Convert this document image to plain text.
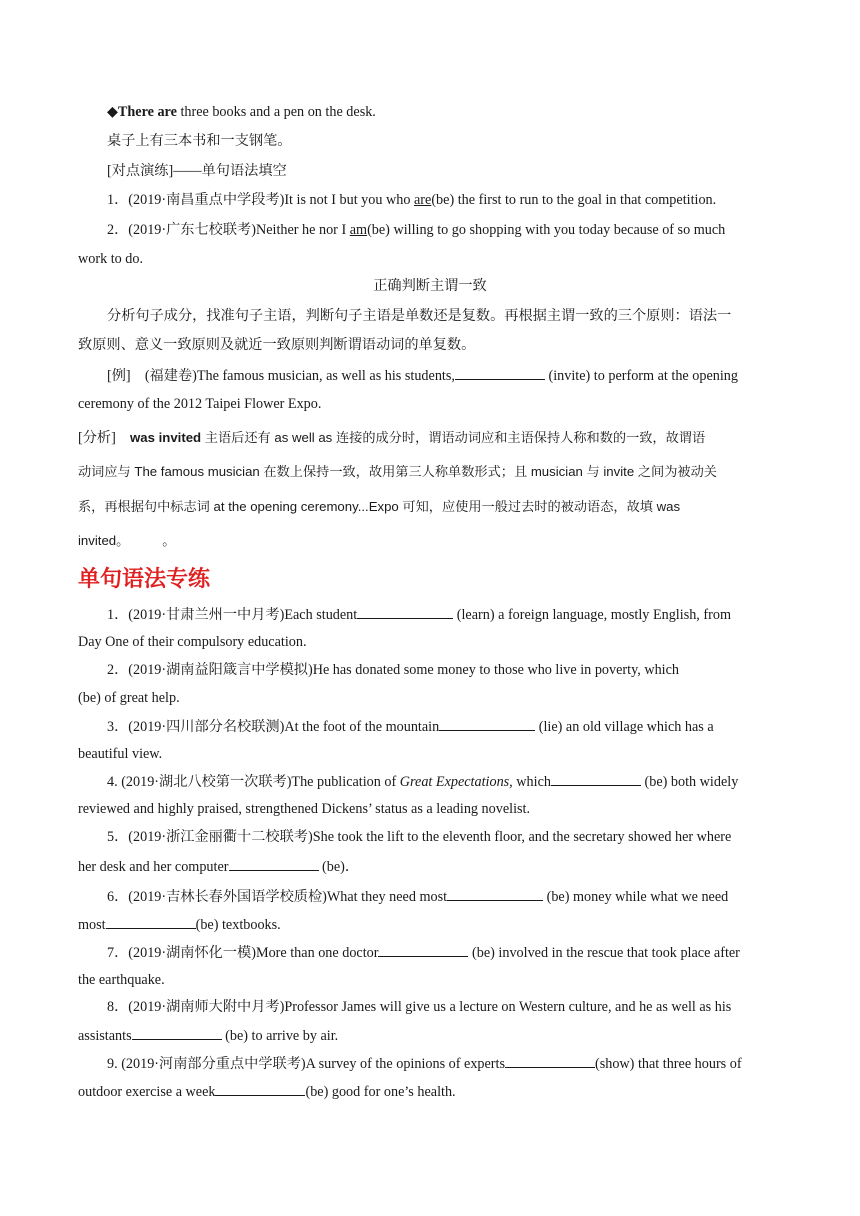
◆There are three books and a pen on the desk.
桌子上有三本书和一支钢笔。
[对点演练]——单句语法填空
1．(2019·南昌重点中学段考)It is not I but you who are(be) the first to run to the goal in that competition.
2．(2019·广东七校联考)Neither he nor I am(be) willing to go shopping with you today because of so much
work to do.
正确判断主谓一致
分析句子成分，找准句子主语，判断句子主语是单数还是复数。再根据主谓一致的三个原则：语法一
致原则、意义一致原则及就近一致原则判断谓语动词的单复数。
[例]　(福建卷)The famous musician, as well as his students,	(invite) to perform at the opening
ceremony of the 2012 Taipei Flower Expo.
[分析]　was invited 主语后还有 as well as 连接的成分时，谓语动词应和主语保持人称和数的一致，故谓语
动词应与 The famous musician 在数上保持一致，故用第三人称单数形式；且 musician 与 invite 之间为被动关
系，再根据句中标志词 at the opening ceremony...Expo 可知，应使用一般过去时的被动语态，故填 was
invited。　　　。
单句语法专练
1．(2019·甘肃兰州一中月考)Each student	(learn) a foreign language, mostly English, from
Day One of their compulsory education.
2．(2019·湖南益阳箴言中学模拟)He has donated some money to those who live in poverty, which
(be) of great help.
3．(2019·四川部分名校联测)At the foot of the mountain	(lie) an old village which has a
beautiful view.
4. (2019·湖北八校第一次联考)The publication of Great Expectations, which	(be) both widely
reviewed and highly praised, strengthened Dickens’ status as a leading novelist.
5．(2019·浙江金丽衢十二校联考)She took the lift to the eleventh floor, and the secretary showed her where
her desk and her computer	(be)．
6．(2019·吉林长春外国语学校质检)What they need most	(be) money while what we need
most	(be) textbooks.
7．(2019·湖南怀化一模)More than one doctor	(be) involved in the rescue that took place after
the earthquake.
8．(2019·湖南师大附中月考)Professor James will give us a lecture on Western culture, and he as well as his
assistants	(be) to arrive by air.
9. (2019·河南部分重点中学联考)A survey of the opinions of experts	(show) that three hours of
outdoor exercise a week	(be) good for one’s health.
